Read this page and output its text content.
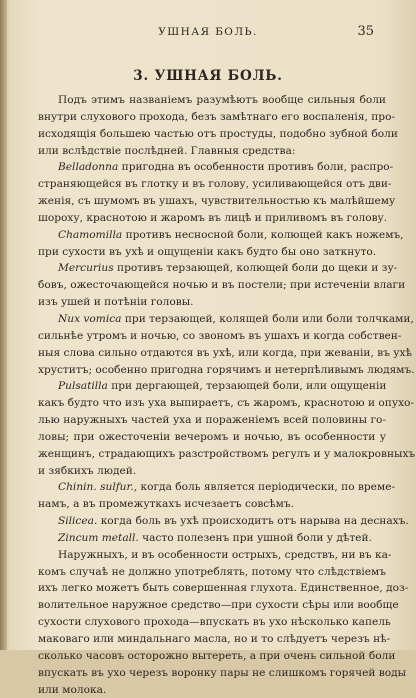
УШНАЯ БОЛЬ.	35
3. УШНАЯ БОЛЬ.
Подъ этимъ названіемъ разумѣютъ вообще сильныя боли
внутри слухового прохода, безъ замѣтнаго его воспаленія, про-
исходящія большею частью отъ простуды, подобно зубной боли
или вслѣдствіе послѣдней. Главныя средства:
Belladonna пригодна въ особенности противъ боли, распро-
страняющейся въ глотку и въ голову, усиливающейся отъ дви-
женія, съ шумомъ въ ушахъ, чувствительностью къ малѣйшему
шороху, краснотою и жаромъ въ лицѣ и приливомъ въ голову.
Chamomilla противъ несносной боли, колющей какъ ножемъ,
при сухости въ ухѣ и ощущеніи какъ будто бы оно заткнуто.
Mercurius противъ терзающей, колющей боли до щеки и зу-
бовъ, ожесточающейся ночью и въ постели; при истеченіи влаги
изъ ушей и потѣніи головы.
Nux vomica при терзающей, колящей боли или боли толчками,
сильнѣе утромъ и ночью, со звономъ въ ушахъ и когда собствен-
ныя слова сильно отдаются въ ухѣ, или когда, при жеваніи, въ ухѣ
хруститъ; особенно пригодна горячимъ и нетерпѣливымъ людямъ.
Pulsatilla при дергающей, терзающей боли, или ощущеніи
какъ будто что изъ уха выпираетъ, съ жаромъ, краснотою и опухо-
лью наружныхъ частей уха и пораженіемъ всей половины го-
ловы; при ожесточеніи вечеромъ и ночью, въ особенности у
женщинъ, страдающихъ разстройствомъ регулъ и у малокровныхъ
и зябкихъ людей.
Chinin. sulfur., когда боль является періодически, по време-
намъ, а въ промежуткахъ исчезаетъ совсѣмъ.
Silicea. когда боль въ ухѣ происходитъ отъ нарыва на деснахъ.
Zincum metall. часто полезенъ при ушной боли у дѣтей.
Наружныхъ, и въ особенности острыхъ, средствъ, ни въ ка-
комъ случаѣ не должно употреблять, потому что слѣдствіемъ
ихъ легко можетъ быть совершенная глухота. Единственное, доз-
волительное наружное средство—при сухости сѣры или вообще
сухости слухового прохода—впускать въ ухо нѣсколько капель
маковаго или миндальнаго масла, но и то слѣдуетъ черезъ нѣ-
сколько часовъ осторожно вытереть, а при очень сильной боли
впускать въ ухо черезъ воронку пары не слишкомъ горячей воды
или молока.
